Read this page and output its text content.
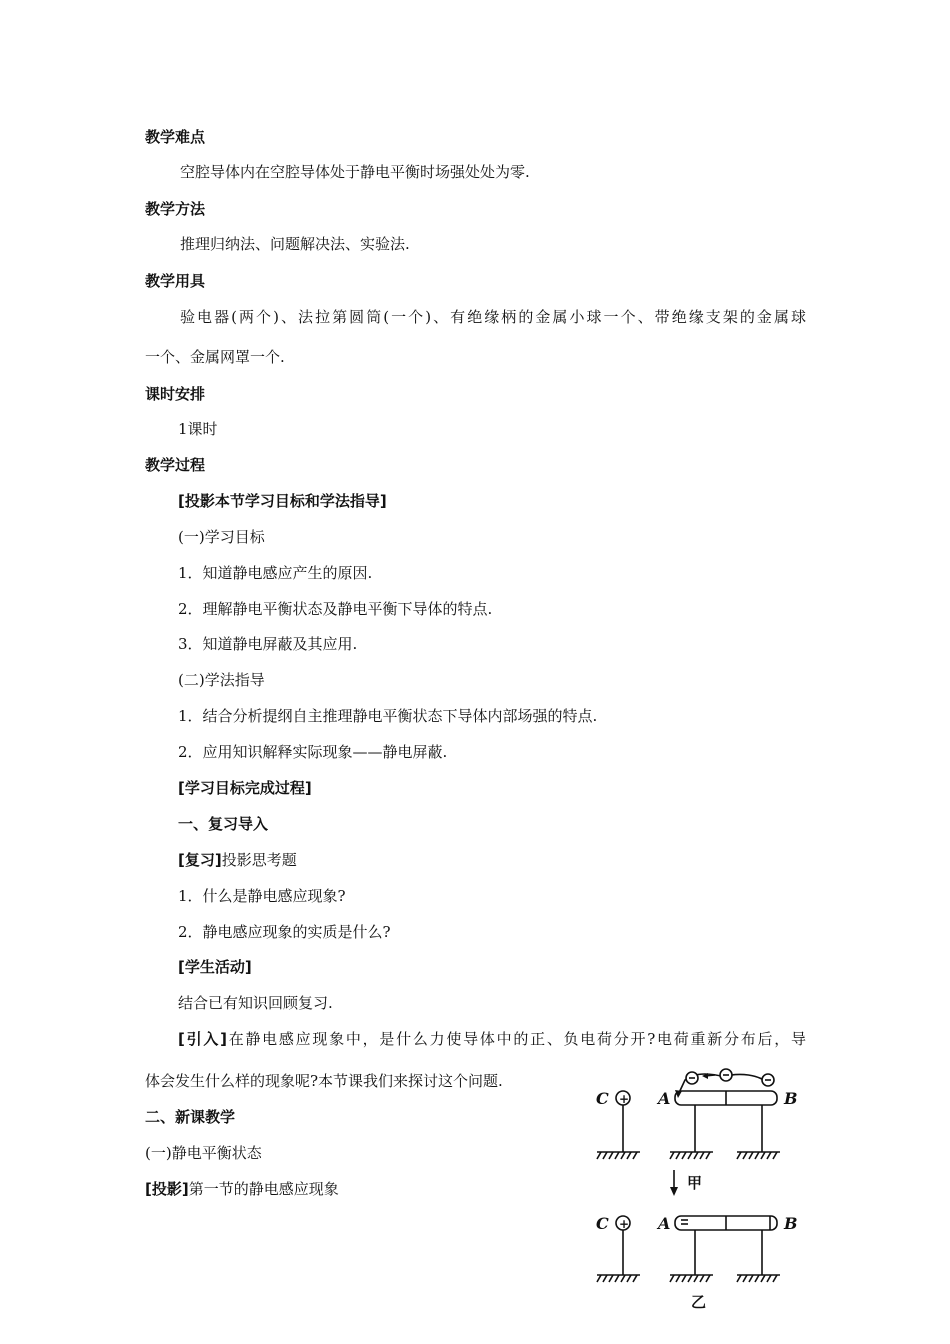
教学难点
空腔导体内在空腔导体处于静电平衡时场强处处为零.
教学方法
推理归纳法、问题解决法、实验法.
教学用具
验电器(两个)、法拉第圆筒(一个)、有绝缘柄的金属小球一个、带绝缘支架的金属球
一个、金属网罩一个.
课时安排
1课时
教学过程
[投影本节学习目标和学法指导]
(一)学习目标
1．知道静电感应产生的原因.
2．理解静电平衡状态及静电平衡下导体的特点.
3．知道静电屏蔽及其应用.
(二)学法指导
1．结合分析提纲自主推理静电平衡状态下导体内部场强的特点.
2．应用知识解释实际现象——静电屏蔽.
[学习目标完成过程]
一、复习导入
[复习]投影思考题
1．什么是静电感应现象?
2．静电感应现象的实质是什么?
[学生活动]
结合已有知识回顾复习.
[引入]在静电感应现象中，是什么力使导体中的正、负电荷分开?电荷重新分布后，导
体会发生什么样的现象呢?本节课我们来探讨这个问题.
二、新课教学
(一)静电平衡状态
[投影]第一节的静电感应现象
C + A	B
C + A	B
甲
乙
